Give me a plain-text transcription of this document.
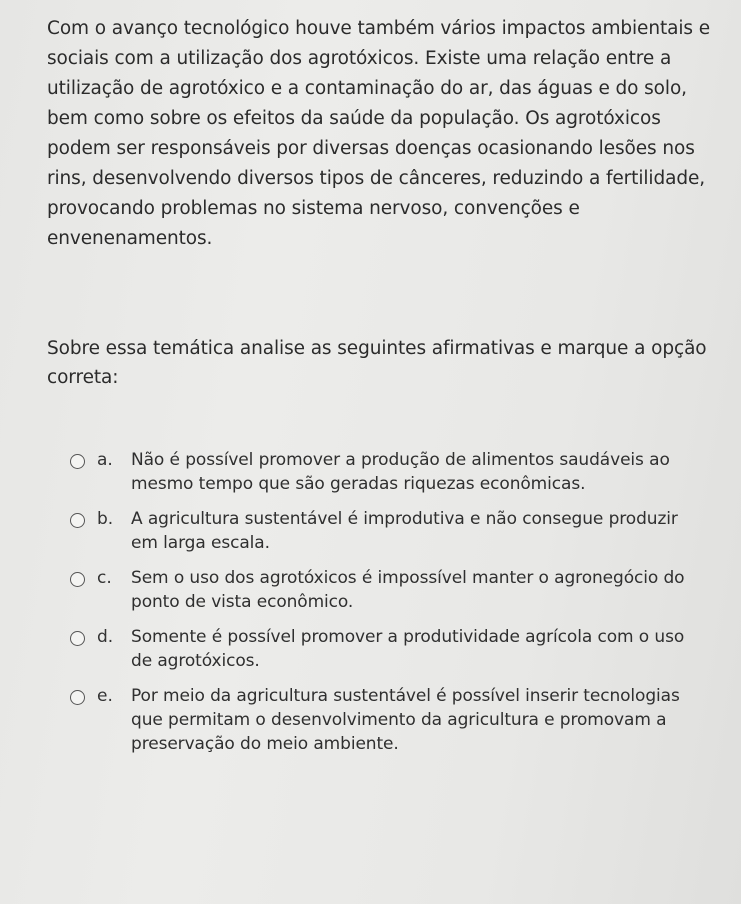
Com o avanço tecnológico houve também vários impactos ambientais e sociais com a utilização dos agrotóxicos. Existe uma relação entre a utilização de agrotóxico e a contaminação do ar, das águas e do solo, bem como sobre os efeitos da saúde da população. Os agrotóxicos podem ser responsáveis por diversas doenças ocasionando lesões nos rins, desenvolvendo diversos tipos de cânceres, reduzindo a fertilidade, provocando problemas no sistema nervoso, convenções e envenenamentos.

Sobre essa temática analise as seguintes afirmativas e marque a opção correta:

a.	Não é possível promover a produção de alimentos saudáveis ao mesmo tempo que são geradas riquezas econômicas.
b.	A agricultura sustentável é improdutiva e não consegue produzir em larga escala.
c.	Sem o uso dos agrotóxicos é impossível manter o agronegócio do ponto de vista econômico.
d.	Somente é possível promover a produtividade agrícola com o uso de agrotóxicos.
e.	Por meio da agricultura sustentável é possível inserir tecnologias que permitam o desenvolvimento da agricultura e promovam a preservação do meio ambiente.
